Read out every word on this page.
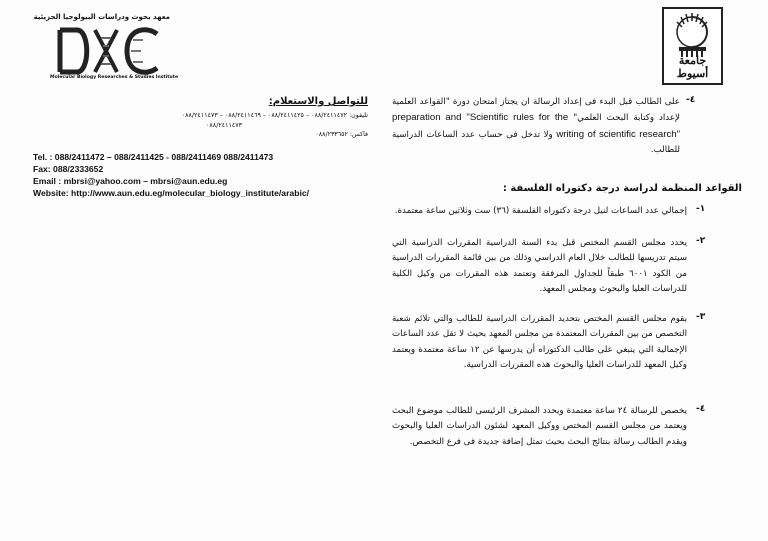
معهد بحوث ودراسات البيولوجيا الجزيئية
Molecular Biology Researches & Studies Institute
جامعة أسيوط
للتواصل والاستعلام:
تليفون: ٠٨٨/٢٤١١٤٧٢ – ٠٨٨/٢٤١١٤٢٥ – ٠٨٨/٢٤١١٤٦٩ – ٠٨٨/٢٤١١٤٧٣
٠٨٨/٢٤١١٤٧٣
فاكس: ٠٨٨/٢٣٣٦٥٢
Tel. : 088/2411472 – 088/2411425 - 088/2411469 088/2411473
Fax: 088/2333652
Email : mbrsi@yahoo.com – mbrsi@aun.edu.eg
Website: http://www.aun.edu.eg/molecular_biology_institute/arabic/
٤-
على الطالب قبل البدء فى إعداد الرسالة ان يجتاز امتحان دورة "القواعد العلمية لإعداد وكتابة البحث العلمي" "Scientific rules for the preparation and writing of scientific research" ولا تدخل فى حساب عدد الساعات الدراسية للطالب.
القواعد المنظمة لدراسة درجة دكتوراه الفلسفة :
١-
إجمالي عدد الساعات لنيل درجة دكتوراه الفلسفة (٣٦) ست وثلاثين ساعة معتمدة.
٢-
يحدد مجلس القسم المختص قبل بدء السنة الدراسية المقررات الدراسية التي سيتم تدريسها للطالب خلال العام الدراسي وذلك من بين قائمة المقررات الدراسية من الكود ٦٠٠١ طبقاً للجداول المرفقة وتعتمد هذه المقررات من وكيل الكلية للدراسات العليا والبحوث ومجلس المعهد.
٣-
يقوم مجلس القسم المختص بتحديد المقررات الدراسية للطالب والتي تلائم شعبة التخصص من بين المقررات المعتمدة من مجلس المعهد بحيث لا تقل عدد الساعات الإجمالية التي ينبغي على طالب الدكتوراه أن يدرسها عن ١٢ ساعة معتمدة ويعتمد وكيل المعهد للدراسات العليا والبحوث هذه المقررات الدراسية.
٤-
يخصص للرسالة ٢٤ ساعة معتمدة ويحدد المشرف الرئيسى للطالب موضوع البحث ويعتمد من مجلس القسم المختص ووكيل المعهد لشئون الدراسات العليا والبحوث ويقدم الطالب رسالة بنتائج البحث بحيث تمثل إضافة جديدة فى فرع التخصص.
